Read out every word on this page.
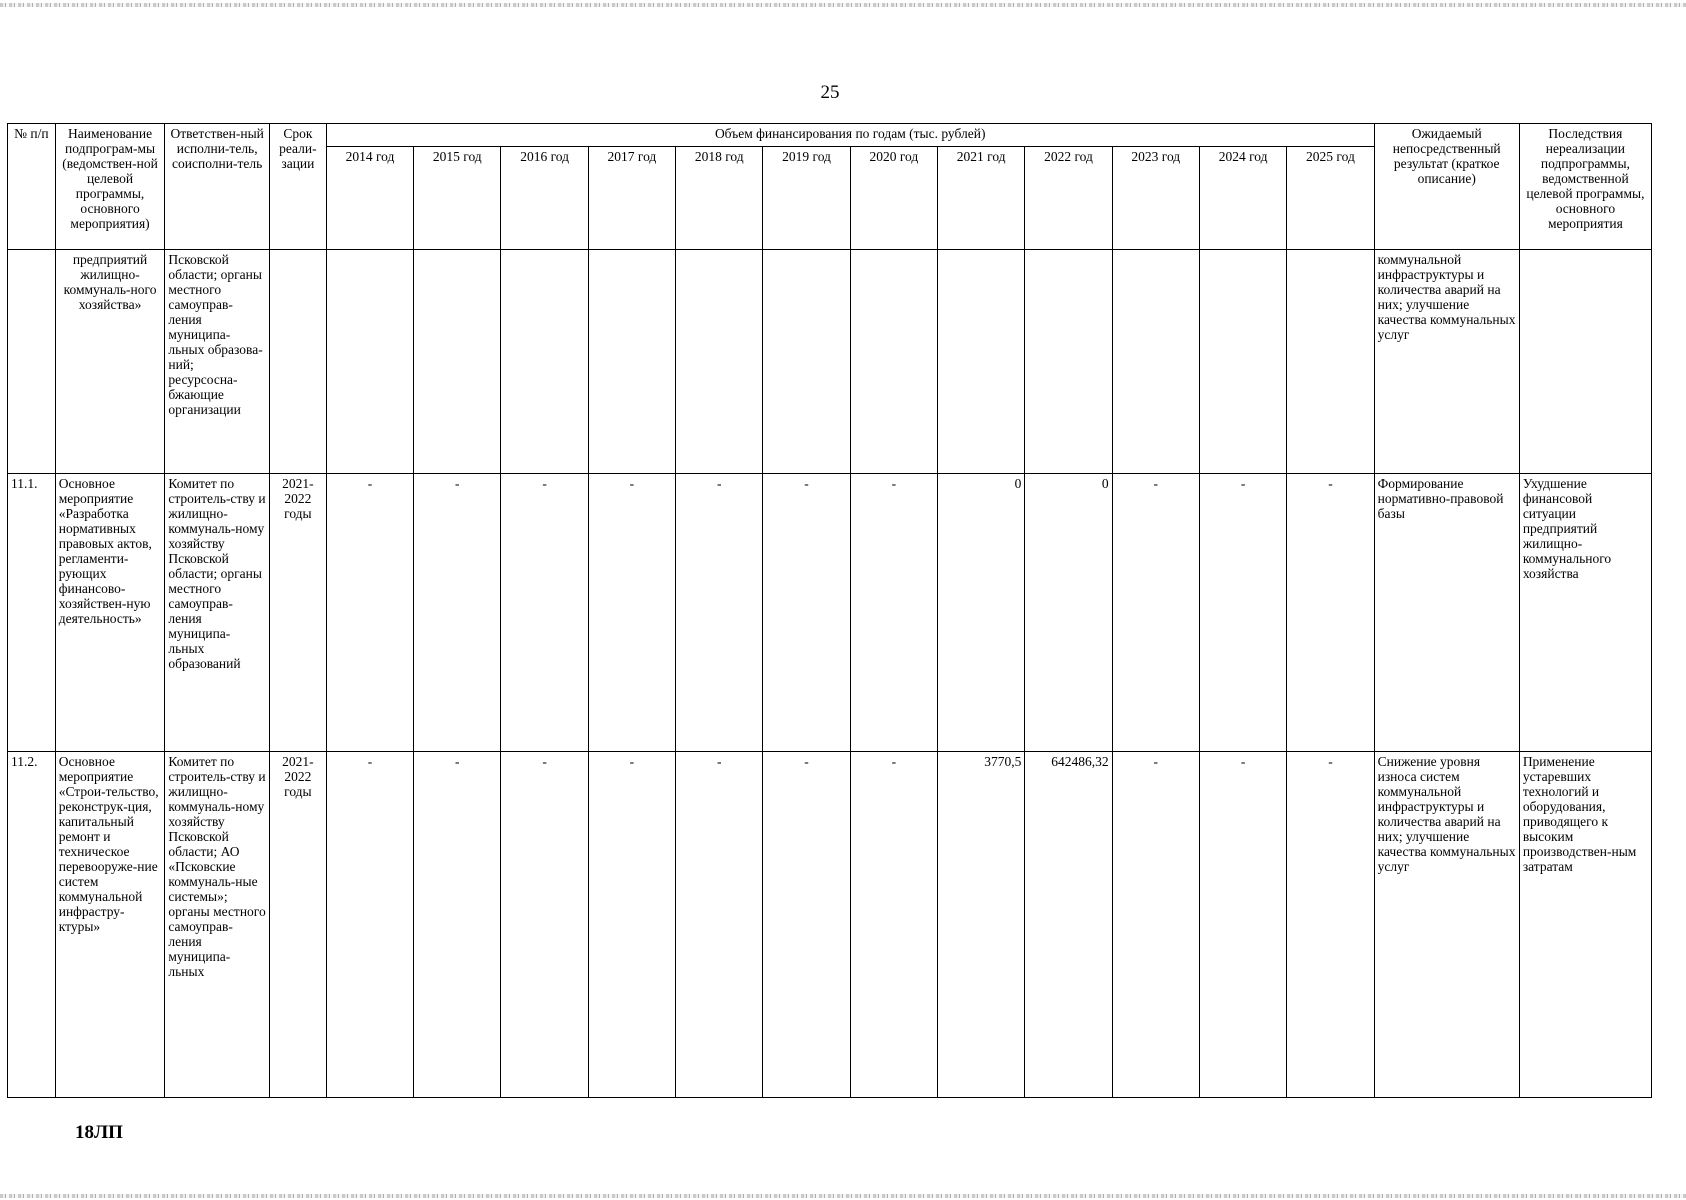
25
№ п/п	Наименование подпрограм-мы (ведомствен-ной целевой программы, основного мероприятия)	Ответствен-ный исполни-тель, соисполни-тель	Срок реали-зации	Объем финансирования по годам (тыс. рублей)												Ожидаемый непосредственный результат (краткое описание)	Последствия нереализации подпрограммы, ведомственной целевой программы, основного мероприятия
				2014 год	2015 год	2016 год	2017 год	2018 год	2019 год	2020 год	2021 год	2022 год	2023 год	2024 год	2025 год		
	предприятий жилищно-коммуналь-ного хозяйства»	Псковской области; органы местного самоуправ-ления муниципа-льных образова-ний; ресурсосна-бжающие организации														коммунальной инфраструктуры и количества аварий на них; улучшение качества коммунальных услуг	
11.1.	Основное мероприятие «Разработка нормативных правовых актов, регламенти-рующих финансово-хозяйствен-ную деятельность»	Комитет по строитель-ству и жилищно-коммуналь-ному хозяйству Псковской области; органы местного самоуправ-ления муниципа-льных образований	2021-2022 годы	-	-	-	-	-	-	-	0	0	-	-	-	Формирование нормативно-правовой базы	Ухудшение финансовой ситуации предприятий жилищно-коммунального хозяйства
11.2.	Основное мероприятие «Строи-тельство, реконструк-ция, капитальный ремонт и техническое перевооруже-ние систем коммунальной инфрастру-ктуры»	Комитет по строитель-ству и жилищно-коммуналь-ному хозяйству Псковской области; АО «Псковские коммуналь-ные системы»; органы местного самоуправ-ления муниципа-льных	2021-2022 годы	-	-	-	-	-	-	-	3770,5	642486,32	-	-	-	Снижение уровня износа систем коммунальной инфраструктуры и количества аварий на них; улучшение качества коммунальных услуг	Применение устаревших технологий и оборудования, приводящего к высоким производствен-ным затратам
18ЛП
